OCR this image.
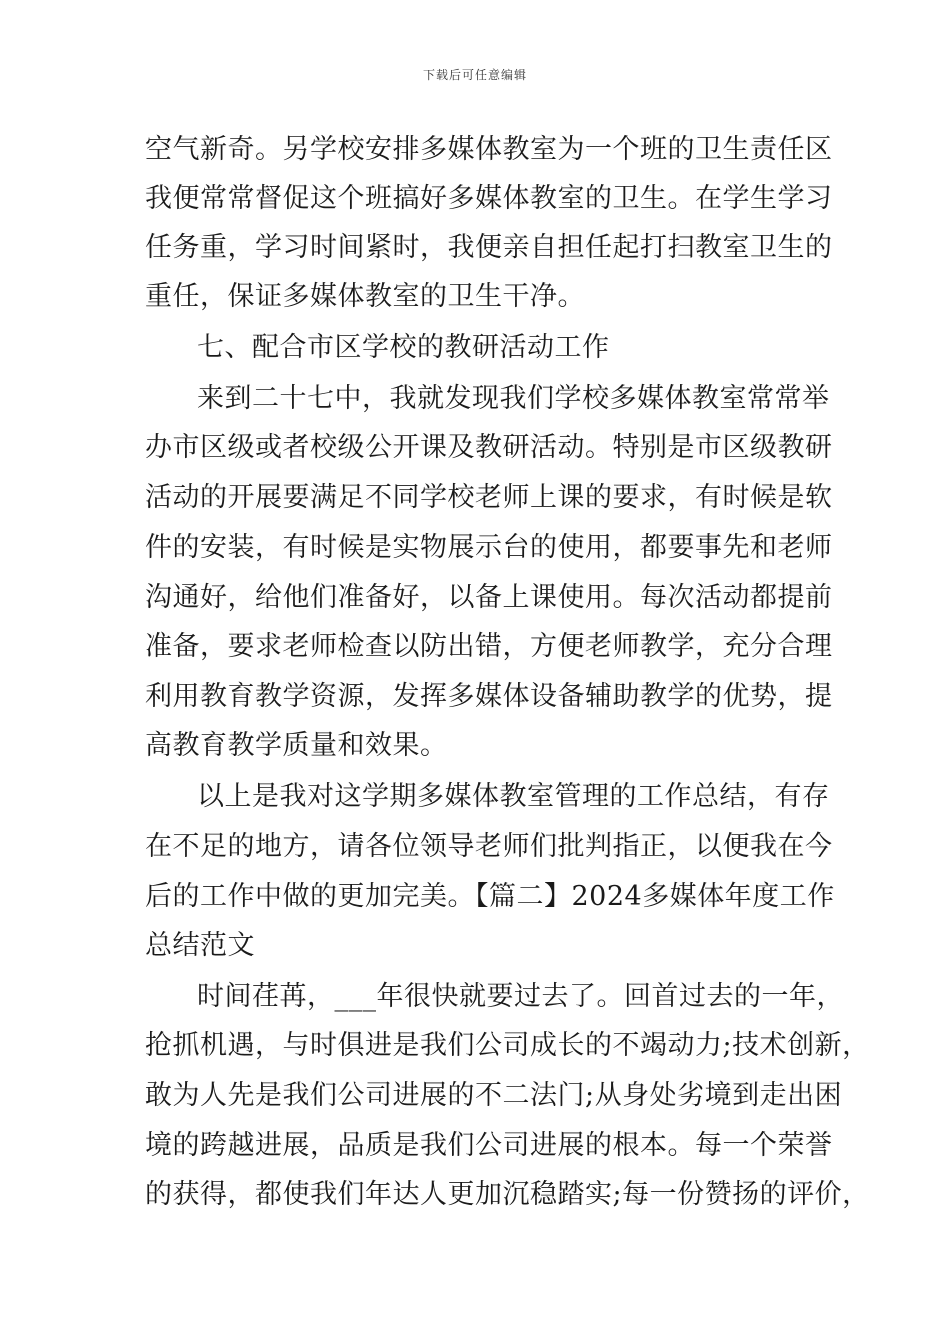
下载后可任意编辑
空气新奇。另学校安排多媒体教室为一个班的卫生责任区
我便常常督促这个班搞好多媒体教室的卫生。在学生学习
任务重，学习时间紧时，我便亲自担任起打扫教室卫生的
重任，保证多媒体教室的卫生干净。
七、配合市区学校的教研活动工作
来到二十七中，我就发现我们学校多媒体教室常常举
办市区级或者校级公开课及教研活动。特别是市区级教研
活动的开展要满足不同学校老师上课的要求，有时候是软
件的安装，有时候是实物展示台的使用，都要事先和老师
沟通好，给他们准备好，以备上课使用。每次活动都提前
准备，要求老师检查以防出错，方便老师教学，充分合理
利用教育教学资源，发挥多媒体设备辅助教学的优势，提
高教育教学质量和效果。
以上是我对这学期多媒体教室管理的工作总结，有存
在不足的地方，请各位领导老师们批判指正，以便我在今
后的工作中做的更加完美。【篇二】2024多媒体年度工作
总结范文
时间荏苒，___年很快就要过去了。回首过去的一年，
抢抓机遇，与时俱进是我们公司成长的不竭动力;技术创新，
敢为人先是我们公司进展的不二法门;从身处劣境到走出困
境的跨越进展，品质是我们公司进展的根本。每一个荣誉
的获得，都使我们年达人更加沉稳踏实;每一份赞扬的评价，
